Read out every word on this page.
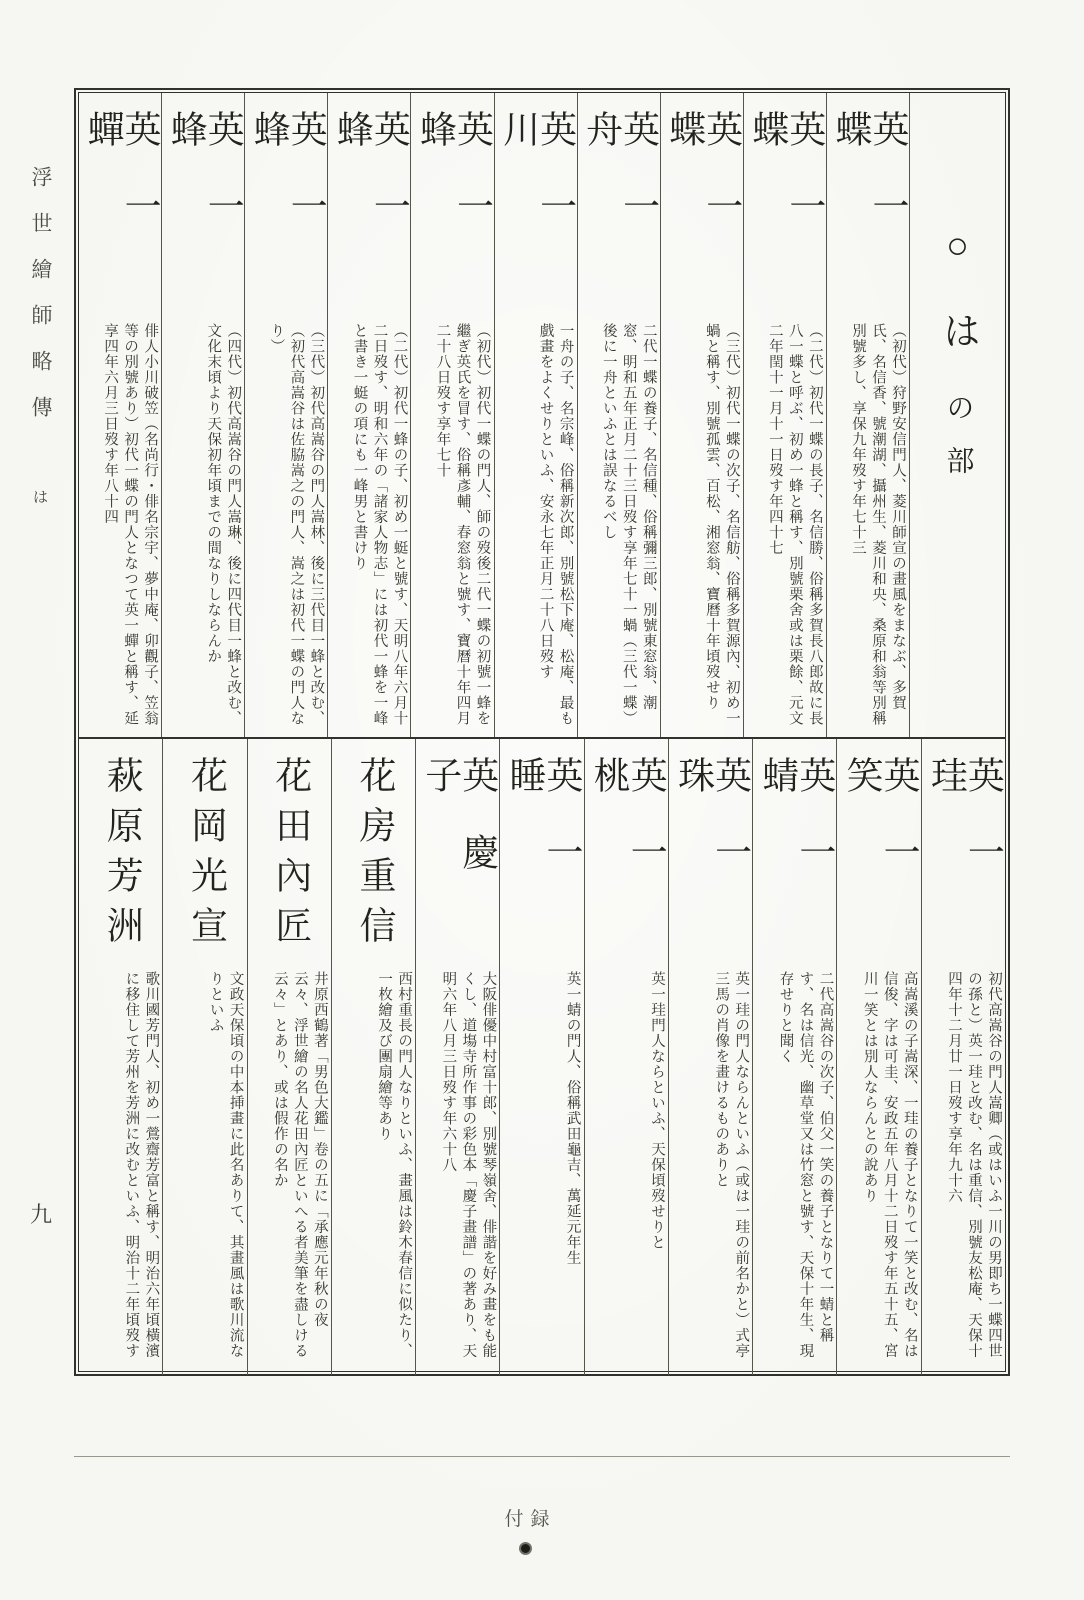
浮世繪師略傳
は
九
○はの部
英一蝶
（初代）狩野安信門人、菱川師宣の畫風をまなぶ、多賀氏、名信香、號潮湖、攝州生、菱川和央、桑原和翁等別稱別號多し、享保九年歿す年七十三
英一蝶
（二代）初代一蝶の長子、名信勝、俗稱多賀長八郎故に長八一蝶と呼ぶ、初め一蜂と稱す、別號栗舍或は栗餘、元文二年閏十一月十一日歿す年四十七
英一蝶
（三代）初代一蝶の次子、名信舫、俗稱多賀源內、初め一蝸と稱す、別號孤雲、百松、湘窓翁、寶曆十年頃歿せり
英一舟
二代一蝶の養子、名信種、俗稱彌三郎、別號東窓翁、潮窓、明和五年正月二十三日歿す享年七十一蝸（三代一蝶）後に一舟といふとは誤なるべし
英一川
一舟の子、名宗峰、俗稱新次郎、別號松下庵、松庵、最も戲畫をよくせりといふ、安永七年正月二十八日歿す
英一蜂
（初代）初代一蝶の門人、師の歿後二代一蝶の初號一蜂を繼ぎ英氏を冒す、俗稱彥輔、春窓翁と號す、寶曆十年四月二十八日歿す享年七十
英一蜂
（二代）初代一蜂の子、初め一蜓と號す、天明八年六月十二日歿す、明和六年の「諸家人物志」には初代一蜂を一峰と書き一蜓の項にも一峰男と書けり
英一蜂
（三代）初代高嵩谷の門人嵩林、後に三代目一蜂と改む、（初代高嵩谷は佐脇嵩之の門人、嵩之は初代一蝶の門人なり）
英一蜂
（四代）初代高嵩谷の門人嵩琳、後に四代目一蜂と改む、文化末頃より天保初年頃までの間なりしならんか
英一蟬
俳人小川破笠（名尚行・俳名宗宇、夢中庵、卯觀子、笠翁等の別號あり）初代一蝶の門人となつて英一蟬と稱す、延享四年六月三日歿す年八十四
英一珪
初代高嵩谷の門人嵩卿（或はいふ一川の男即ち一蝶四世の孫と）英一珪と改む、名は重信、別號友松庵、天保十四年十二月廿一日歿す享年九十六
英一笑
高嵩溪の子嵩深、一珪の養子となりて一笑と改む、名は信俊、字は可圭、安政五年八月十二日歿す年五十五、宮川一笑とは別人ならんとの說あり
英一蜻
二代高嵩谷の次子、伯父一笑の養子となりて一蜻と稱す、名は信光、幽草堂又は竹窓と號す、天保十年生、現存せりと聞く
英一珠
英一珪の門人ならんといふ（或は一珪の前名かと）式亭三馬の肖像を畫けるものありと
英一桃
英一珪門人ならといふ、天保頃歿せりと
英一睡
英一蜻の門人、俗稱武田龜吉、萬延元年生
英慶子
大阪俳優中村富十郎、別號琴嶺舍、俳諧を好み畫をも能くし、道塲寺所作事の彩色本「慶子畫譜」の著あり、天明六年八月三日歿す年六十八
花房重信
西村重長の門人なりといふ、畫風は鈴木春信に似たり、一枚繪及び團扇繪等あり
花田內匠
井原西鶴著「男色大鑑」卷の五に「承應元年秋の夜云々、浮世繪の名人花田內匠といへる者美筆を盡しける云々」とあり、或は假作の名か
花岡光宣
文政天保頃の中本挿畫に此名ありて、其畫風は歌川流なりといふ
萩原芳洲
歌川國芳門人、初め一鶯齋芳富と稱す、明治六年頃橫濱に移住して芳州を芳洲に改むといふ、明治十二年頃歿す
付録
